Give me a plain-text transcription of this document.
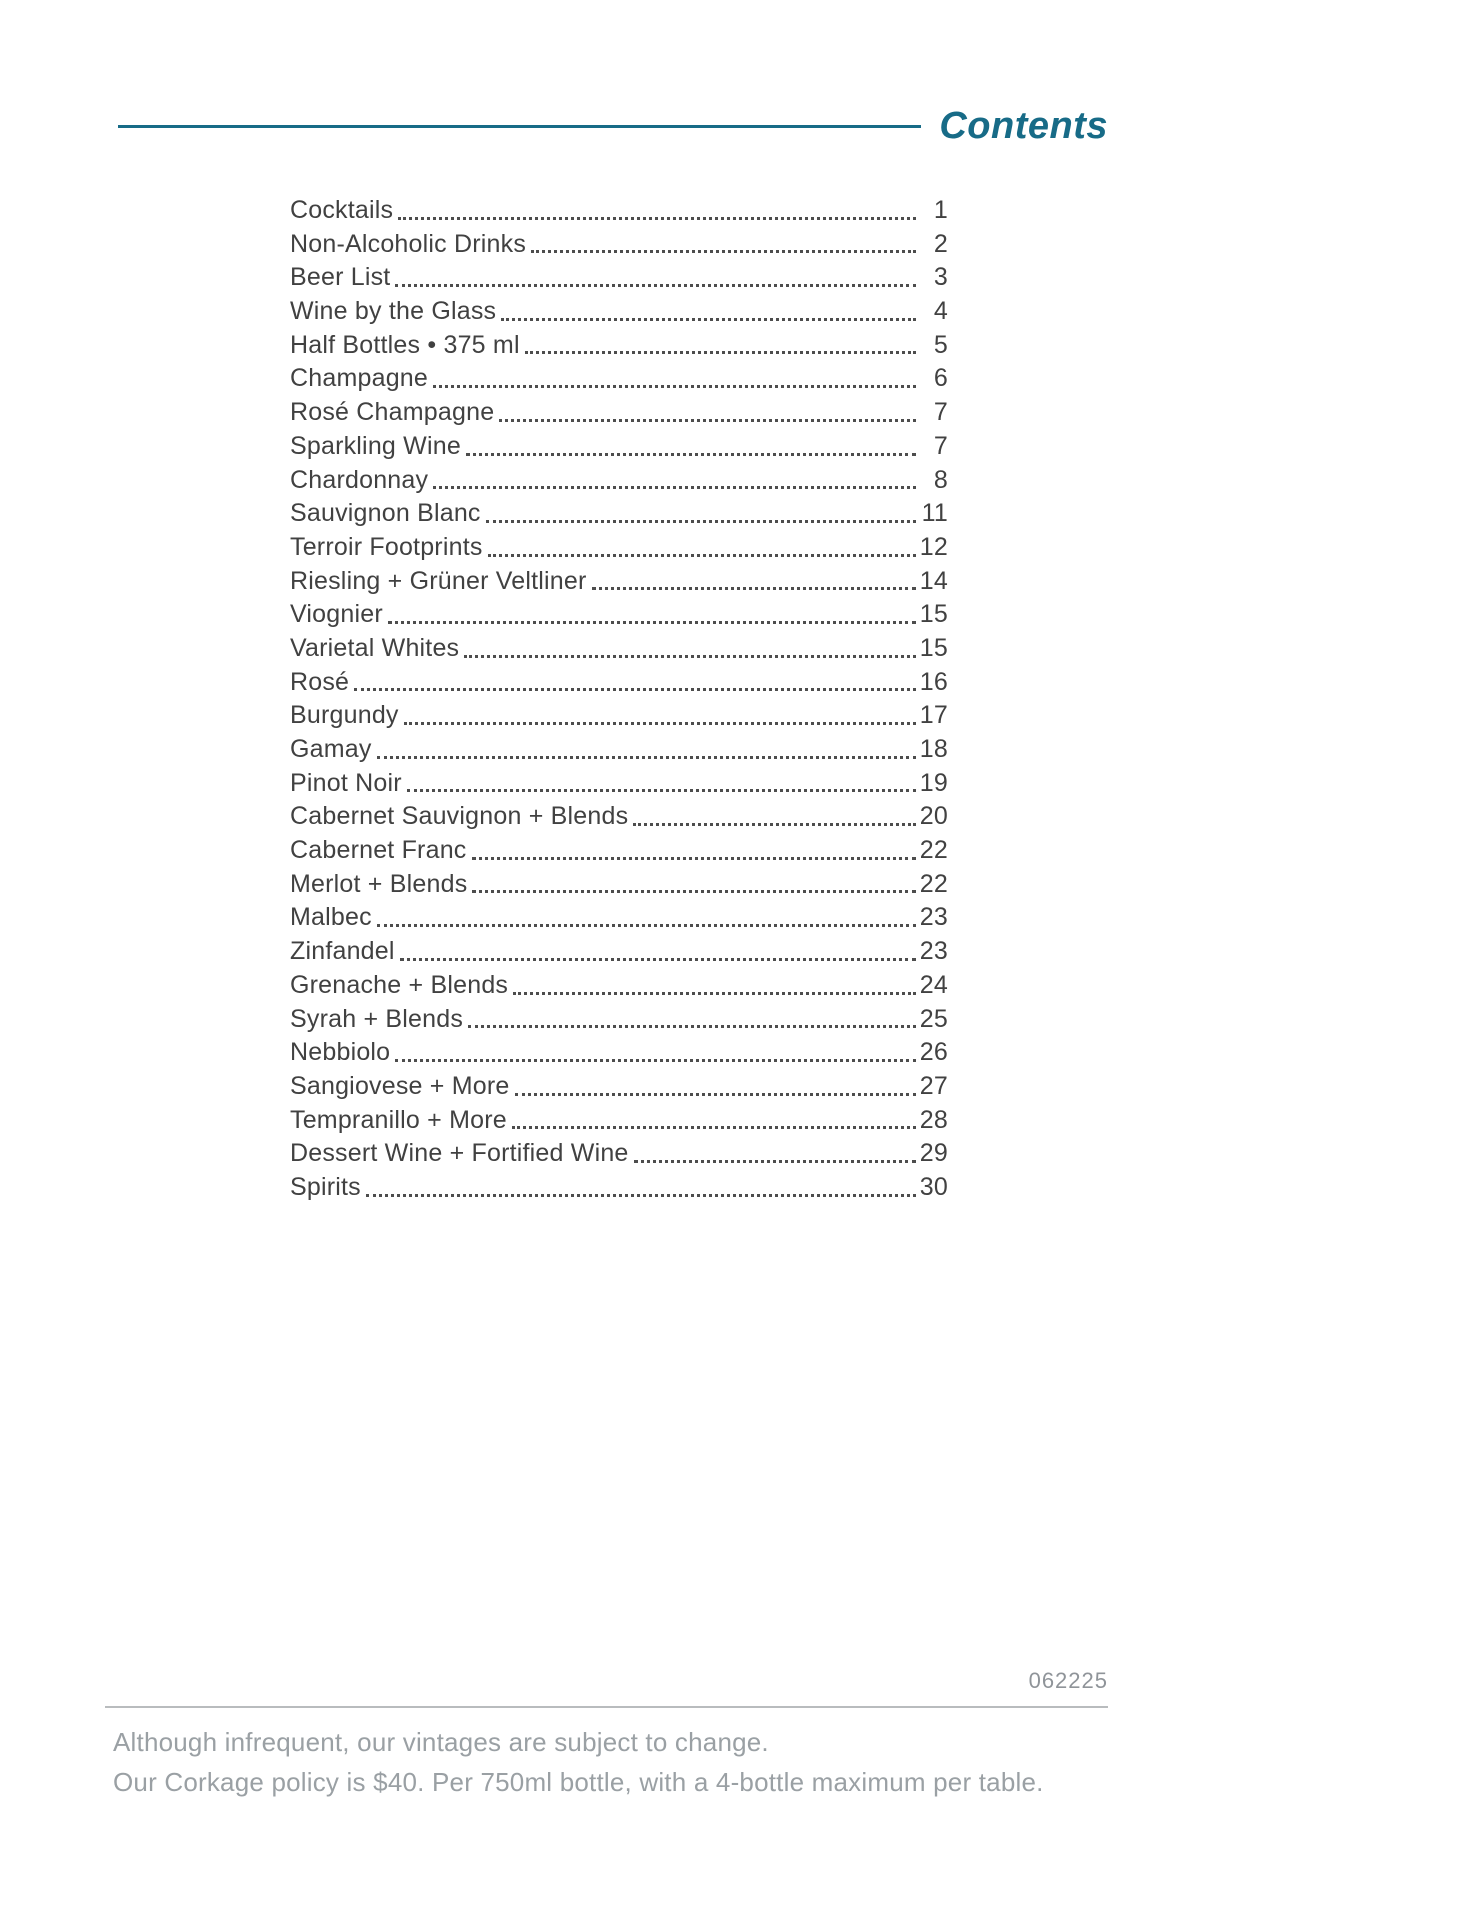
Contents
Cocktails	1
Non-Alcoholic Drinks	2
Beer List	3
Wine by the Glass	4
Half Bottles • 375 ml	5
Champagne	6
Rosé Champagne	7
Sparkling Wine	7
Chardonnay	8
Sauvignon Blanc	11
Terroir Footprints	12
Riesling + Grüner Veltliner	14
Viognier	15
Varietal Whites	15
Rosé	16
Burgundy	17
Gamay	18
Pinot Noir	19
Cabernet Sauvignon + Blends	20
Cabernet Franc	22
Merlot + Blends	22
Malbec	23
Zinfandel	23
Grenache + Blends	24
Syrah + Blends	25
Nebbiolo	26
Sangiovese + More	27
Tempranillo + More	28
Dessert Wine + Fortified Wine	29
Spirits	30
062225
Although infrequent, our vintages are subject to change.
Our Corkage policy is $40. Per 750ml bottle, with a 4-bottle maximum per table.
